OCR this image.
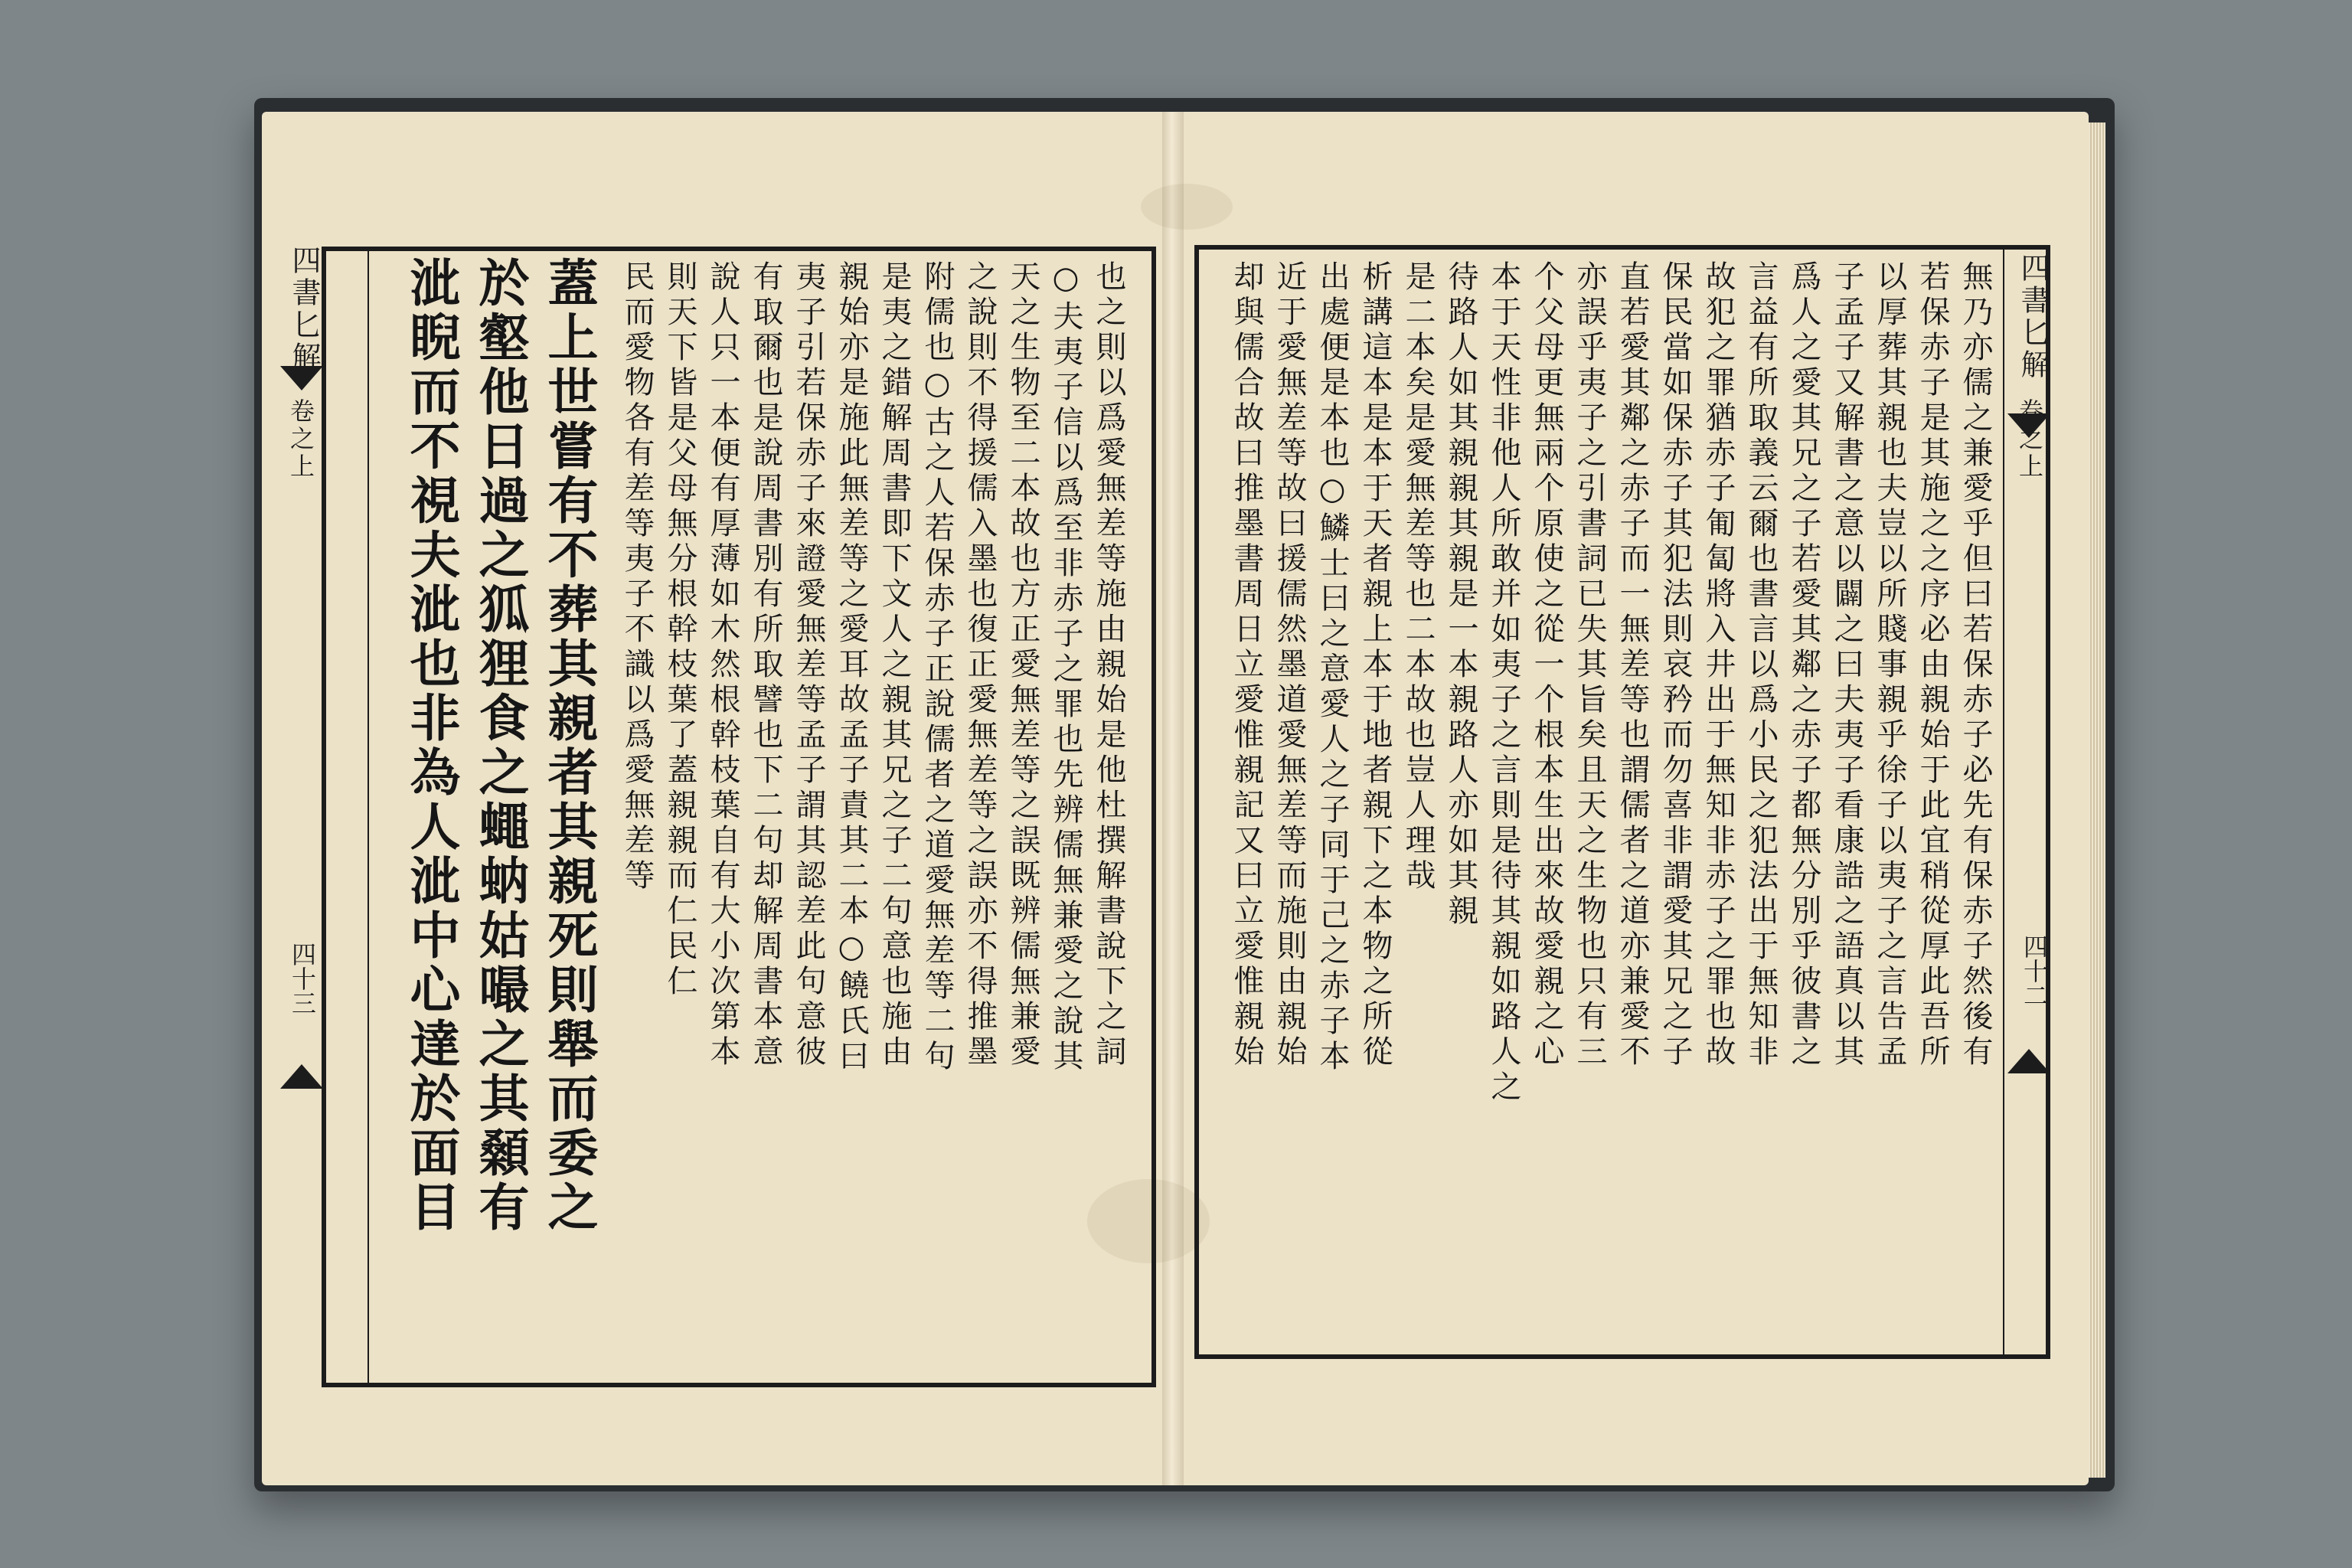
四書匕解
卷之上
四十三	蓋上世嘗有不葬其親者其親死則舉而委之
於壑他日過之狐狸食之蠅蚋姑嘬之其顙有
泚睨而不視夫泚也非為人泚中心達於面目	也之則以爲愛無差等施由親始是他杜撰解書說下之詞
○夫夷子信以爲至非赤子之罪也先辨儒無兼愛之說其
天之生物至二本故也方正愛無差等之誤既辨儒無兼愛
之說則不得援儒入墨也復正愛無差等之誤亦不得推墨
附儒也○古之人若保赤子正說儒者之道愛無差等二句
是夷之錯解周書即下文人之親其兄之子二句意也施由
親始亦是施此無差等之愛耳故孟子責其二本○饒氏曰
夷子引若保赤子來證愛無差等孟子謂其認差此句意彼
有取爾也是說周書別有所取譬也下二句却解周書本意
說人只一本便有厚薄如木然根幹枝葉自有大小次第本
則天下皆是父母無分根幹枝葉了蓋親親而仁民仁
民而愛物各有差等夷子不識以爲愛無差等	四書匕解
卷之上
四十二
無乃亦儒之兼愛乎但曰若保赤子必先有保赤子然後有
若保赤子是其施之之序必由親始于此宜稍從厚此吾所
以厚葬其親也夫豈以所賤事親乎徐子以夷子之言告孟
子孟子又解書之意以闢之曰夫夷子看康誥之語真以其
爲人之愛其兄之子若愛其鄰之赤子都無分別乎彼書之
言益有所取義云爾也書言以爲小民之犯法出于無知非
故犯之罪猶赤子匍匐將入井出于無知非赤子之罪也故
保民當如保赤子其犯法則哀矜而勿喜非謂愛其兄之子
直若愛其鄰之赤子而一無差等也謂儒者之道亦兼愛不
亦誤乎夷子之引書詞已失其旨矣且天之生物也只有三
个父母更無兩个原使之從一个根本生出來故愛親之心
本于天性非他人所敢并如夷子之言則是待其親如路人之
待路人如其親親其親是一本親路人亦如其親
是二本矣是愛無差等也二本故也豈人理哉
析講這本是本于天者親上本于地者親下之本物之所從
出處便是本也○鱗士曰之意愛人之子同于己之赤子本
近于愛無差等故曰援儒然墨道愛無差等而施則由親始
却與儒合故曰推墨書周日立愛惟親記又曰立愛惟親始
